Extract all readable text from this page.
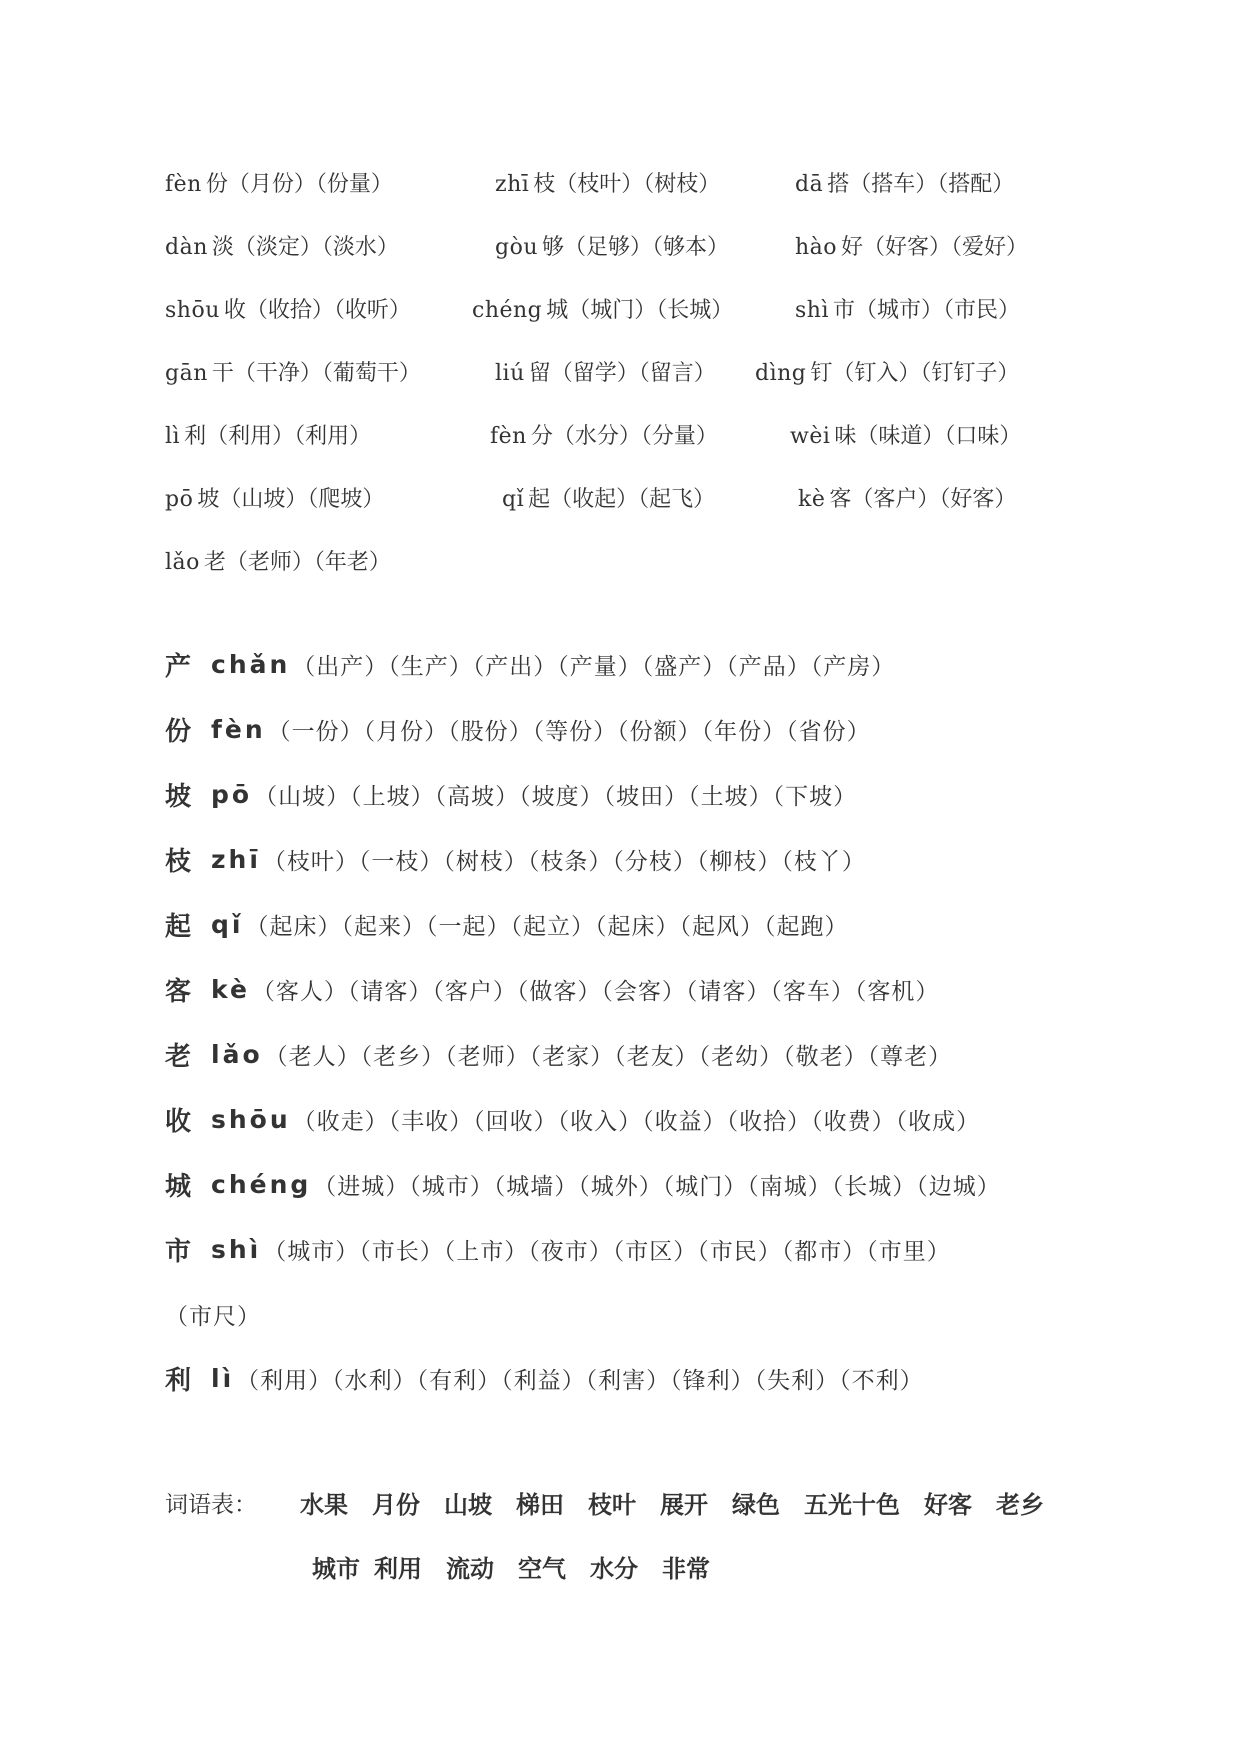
fèn 份（月份）（份量）	zhī 枝（枝叶）（树枝）	dā 搭（搭车）（搭配）
dàn 淡（淡定）（淡水）	gòu 够（足够）（够本）	hào 好（好客）（爱好）
shōu 收（收拾）（收听）	chéng 城（城门）（长城）	shì 市（城市）（市民）
gān 干（干净）（葡萄干）	liú 留（留学）（留言） dìng 钉（钉入）（钉钉子）
lì 利（利用）（利用）	fèn 分（水分）（分量）	wèi 味（味道）（口味）
pō 坡（山坡）（爬坡）	qǐ 起（收起）（起飞）	kè 客（客户）（好客）
lǎo 老（老师）（年老）
产 chǎn （出产）（生产）（产出）（产量）（盛产）（产品）（产房）
份 fèn （一份）（月份）（股份）（等份）（份额）（年份）（省份）
坡 pō （山坡）（上坡）（高坡）（坡度）（坡田）（土坡）（下坡）
枝 zhī （枝叶）（一枝）（树枝）（枝条）（分枝）（柳枝）（枝丫）
起 qǐ （起床）（起来）（一起）（起立）（起床）（起风）（起跑）
客 kè （客人）（请客）（客户）（做客）（会客）（请客）（客车）（客机）
老 lǎo （老人）（老乡）（老师）（老家）（老友）（老幼）（敬老）（尊老）
收 shōu （收走）（丰收）（回收）（收入）（收益）（收拾）（收费）（收成）
城 chéng （进城）（城市）（城墙）（城外）（城门）（南城）（长城）（边城）
市 shì （城市）（市长）（上市）（夜市）（市区）（市民）（都市）（市里）
（市尺）
利 lì （利用）（水利）（有利）（利益）（利害）（锋利）（失利）（不利）
词语表：	水果 月份 山坡 梯田 枝叶 展开 绿色 五光十色 好客 老乡
城市 利用 流动 空气 水分 非常
